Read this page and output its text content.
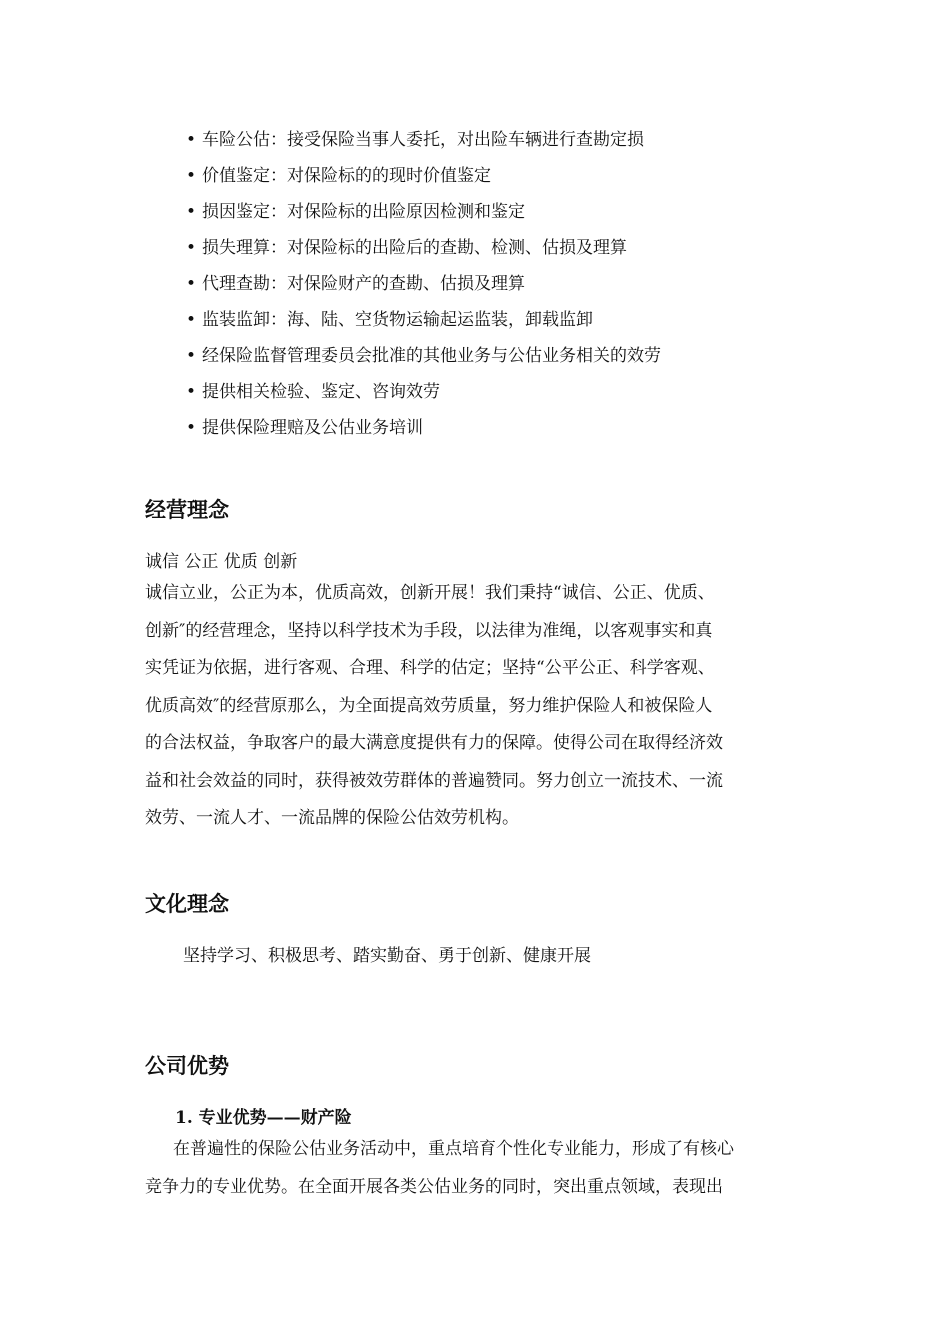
• 车险公估：接受保险当事人委托，对出险车辆进行查勘定损
• 价值鉴定：对保险标的的现时价值鉴定
• 损因鉴定：对保险标的出险原因检测和鉴定
• 损失理算：对保险标的出险后的查勘、检测、估损及理算
• 代理查勘：对保险财产的查勘、估损及理算
• 监装监卸：海、陆、空货物运输起运监装，卸载监卸
• 经保险监督管理委员会批准的其他业务与公估业务相关的效劳
• 提供相关检验、鉴定、咨询效劳
• 提供保险理赔及公估业务培训
经营理念
诚信 公正 优质 创新
诚信立业，公正为本，优质高效，创新开展！我们秉持“诚信、公正、优质、
创新″的经营理念，坚持以科学技术为手段，以法律为准绳，以客观事实和真
实凭证为依据，进行客观、合理、科学的估定；坚持“公平公正、科学客观、
优质高效″的经营原那么，为全面提高效劳质量，努力维护保险人和被保险人
的合法权益，争取客户的最大满意度提供有力的保障。使得公司在取得经济效
益和社会效益的同时，获得被效劳群体的普遍赞同。努力创立一流技术、一流
效劳、一流人才、一流品牌的保险公估效劳机构。
文化理念
坚持学习、积极思考、踏实勤奋、勇于创新、健康开展
公司优势
1. 专业优势——财产险
在普遍性的保险公估业务活动中，重点培育个性化专业能力，形成了有核心
竞争力的专业优势。在全面开展各类公估业务的同时，突出重点领域，表现出
